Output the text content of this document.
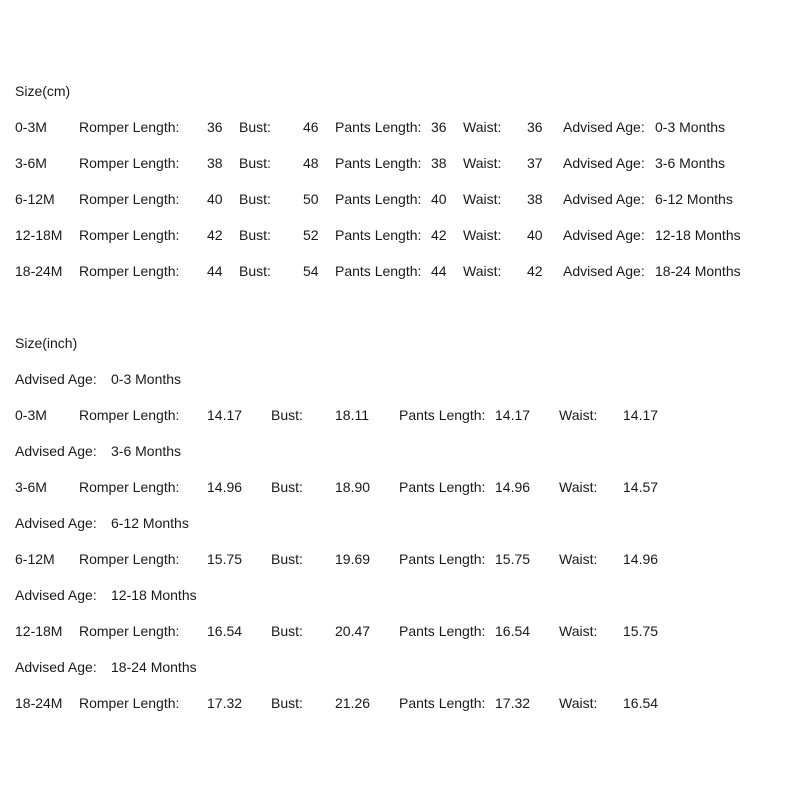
Size(cm)
0-3M Romper Length: 36 Bust: 46 Pants Length: 36 Waist: 36 Advised Age: 0-3 Months
3-6M Romper Length: 38 Bust: 48 Pants Length: 38 Waist: 37 Advised Age: 3-6 Months
6-12M Romper Length: 40 Bust: 50 Pants Length: 40 Waist: 38 Advised Age: 6-12 Months
12-18M Romper Length: 42 Bust: 52 Pants Length: 42 Waist: 40 Advised Age: 12-18 Months
18-24M Romper Length: 44 Bust: 54 Pants Length: 44 Waist: 42 Advised Age: 18-24 Months
Size(inch)
Advised Age: 0-3 Months
0-3M Romper Length: 14.17 Bust: 18.11 Pants Length: 14.17 Waist: 14.17
Advised Age: 3-6 Months
3-6M Romper Length: 14.96 Bust: 18.90 Pants Length: 14.96 Waist: 14.57
Advised Age: 6-12 Months
6-12M Romper Length: 15.75 Bust: 19.69 Pants Length: 15.75 Waist: 14.96
Advised Age: 12-18 Months
12-18M Romper Length: 16.54 Bust: 20.47 Pants Length: 16.54 Waist: 15.75
Advised Age: 18-24 Months
18-24M Romper Length: 17.32 Bust: 21.26 Pants Length: 17.32 Waist: 16.54
